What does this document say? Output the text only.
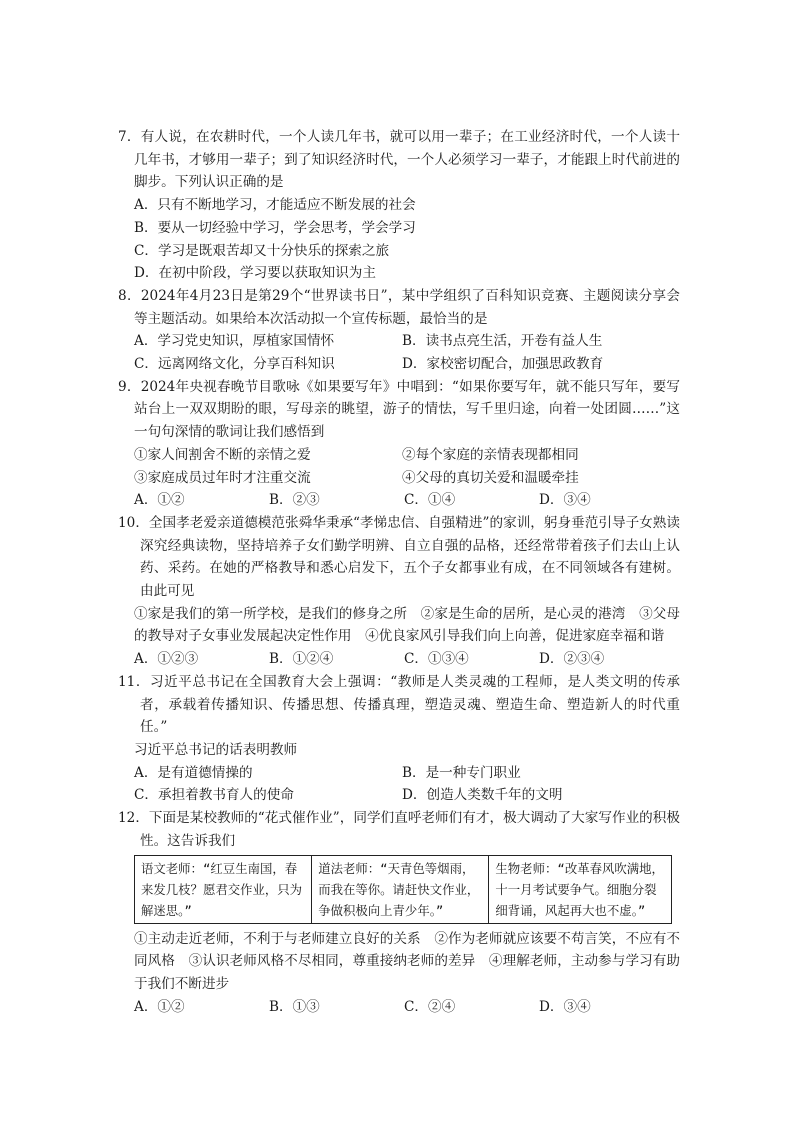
7．有人说，在农耕时代，一个人读几年书，就可以用一辈子；在工业经济时代，一个人读十几年书，才够用一辈子；到了知识经济时代，一个人必须学习一辈子，才能跟上时代前进的脚步。下列认识正确的是
A．只有不断地学习，才能适应不断发展的社会
B．要从一切经验中学习，学会思考，学会学习
C．学习是既艰苦却又十分快乐的探索之旅
D．在初中阶段，学习要以获取知识为主
8．2024年4月23日是第29个“世界读书日”，某中学组织了百科知识竞赛、主题阅读分享会等主题活动。如果给本次活动拟一个宣传标题，最恰当的是
A．学习党史知识，厚植家国情怀	B．读书点亮生活，开卷有益人生
C．远离网络文化，分享百科知识	D．家校密切配合，加强思政教育
9．2024年央视春晚节目歌咏《如果要写年》中唱到：“如果你要写年，就不能只写年，要写站台上一双双期盼的眼，写母亲的眺望，游子的情怯，写千里归途，向着一处团圆……”这一句句深情的歌词让我们感悟到
①家人间割舍不断的亲情之爱	②每个家庭的亲情表现都相同
③家庭成员过年时才注重交流	④父母的真切关爱和温暖牵挂
A．①②	B．②③	C．①④	D．③④
10．全国孝老爱亲道德模范张舜华秉承“孝悌忠信、自强精进”的家训，躬身垂范引导子女熟读深究经典读物，坚持培养子女们勤学明辨、自立自强的品格，还经常带着孩子们去山上认药、采药。在她的严格教导和悉心启发下，五个子女都事业有成，在不同领域各有建树。由此可见
①家是我们的第一所学校，是我们的修身之所　②家是生命的居所，是心灵的港湾　③父母的教导对子女事业发展起决定性作用　④优良家风引导我们向上向善，促进家庭幸福和谐
A．①②③	B．①②④	C．①③④	D．②③④
11．习近平总书记在全国教育大会上强调：“教师是人类灵魂的工程师，是人类文明的传承者，承载着传播知识、传播思想、传播真理，塑造灵魂、塑造生命、塑造新人的时代重任。”
习近平总书记的话表明教师
A．是有道德情操的	B．是一种专门职业
C．承担着教书育人的使命	D．创造人类数千年的文明
12．下面是某校教师的“花式催作业”，同学们直呼老师们有才，极大调动了大家写作业的积极性。这告诉我们
语文老师：“红豆生南国，春来发几枝？愿君交作业，只为解迷思。”	道法老师：“天青色等烟雨，而我在等你。请赶快文作业，争做积极向上青少年。”	生物老师：“改革春风吹满地，十一月考试要争气。细胞分裂细背诵，风起再大也不虚。”
①主动走近老师，不利于与老师建立良好的关系　②作为老师就应该要不苟言笑，不应有不同风格　③认识老师风格不尽相同，尊重接纳老师的差异　④理解老师，主动参与学习有助于我们不断进步
A．①②	B．①③	C．②④	D．③④
